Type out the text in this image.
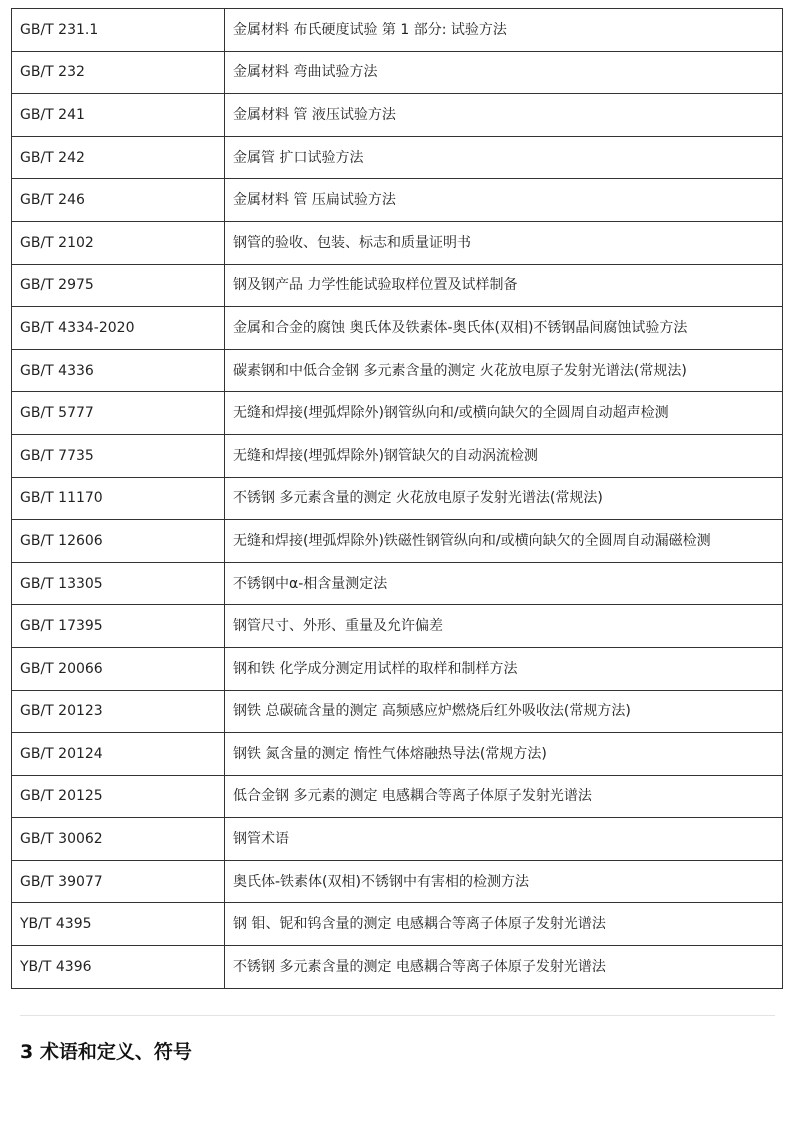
GB/T 231.1	金属材料 布氏硬度试验 第 1 部分: 试验方法
GB/T 232	金属材料 弯曲试验方法
GB/T 241	金属材料 管 液压试验方法
GB/T 242	金属管 扩口试验方法
GB/T 246	金属材料 管 压扁试验方法
GB/T 2102	钢管的验收、包装、标志和质量证明书
GB/T 2975	钢及钢产品 力学性能试验取样位置及试样制备
GB/T 4334-2020	金属和合金的腐蚀 奥氏体及铁素体-奥氏体(双相)不锈钢晶间腐蚀试验方法
GB/T 4336	碳素钢和中低合金钢 多元素含量的测定 火花放电原子发射光谱法(常规法)
GB/T 5777	无缝和焊接(埋弧焊除外)钢管纵向和/或横向缺欠的全圆周自动超声检测
GB/T 7735	无缝和焊接(埋弧焊除外)钢管缺欠的自动涡流检测
GB/T 11170	不锈钢 多元素含量的测定 火花放电原子发射光谱法(常规法)
GB/T 12606	无缝和焊接(埋弧焊除外)铁磁性钢管纵向和/或横向缺欠的全圆周自动漏磁检测
GB/T 13305	不锈钢中α-相含量测定法
GB/T 17395	钢管尺寸、外形、重量及允许偏差
GB/T 20066	钢和铁 化学成分测定用试样的取样和制样方法
GB/T 20123	钢铁 总碳硫含量的测定 高频感应炉燃烧后红外吸收法(常规方法)
GB/T 20124	钢铁 氮含量的测定 惰性气体熔融热导法(常规方法)
GB/T 20125	低合金钢 多元素的测定 电感耦合等离子体原子发射光谱法
GB/T 30062	钢管术语
GB/T 39077	奥氏体-铁素体(双相)不锈钢中有害相的检测方法
YB/T 4395	钢 钼、铌和钨含量的测定 电感耦合等离子体原子发射光谱法
YB/T 4396	不锈钢 多元素含量的测定 电感耦合等离子体原子发射光谱法
3 术语和定义、符号
